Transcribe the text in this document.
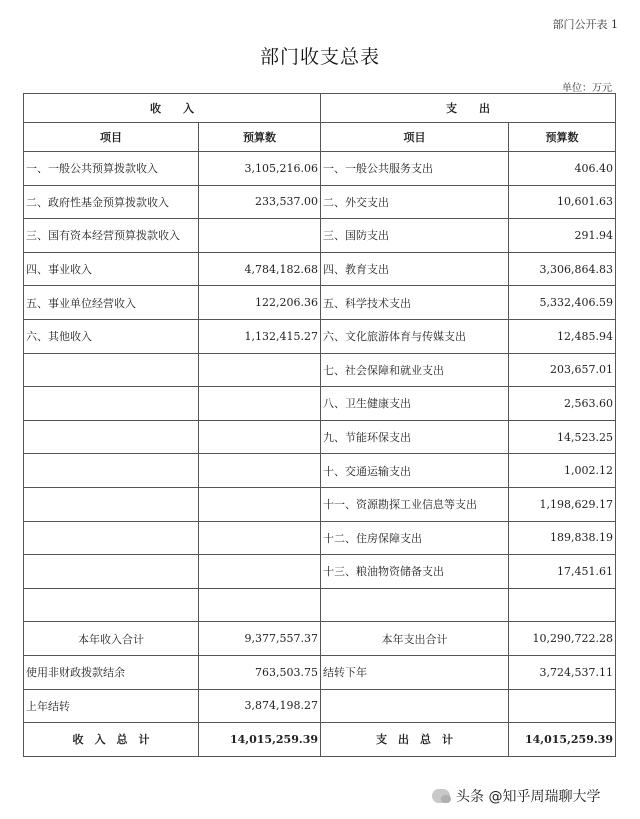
部门公开表 1
部门收支总表
单位：万元
收　　入		支　　出	
项目	预算数	项目	预算数
一、一般公共预算拨款收入	3,105,216.06	一、一般公共服务支出	406.40
二、政府性基金预算拨款收入	233,537.00	二、外交支出	10,601.63
三、国有资本经营预算拨款收入		三、国防支出	291.94
四、事业收入	4,784,182.68	四、教育支出	3,306,864.83
五、事业单位经营收入	122,206.36	五、科学技术支出	5,332,406.59
六、其他收入	1,132,415.27	六、文化旅游体育与传媒支出	12,485.94
		七、社会保障和就业支出	203,657.01
		八、卫生健康支出	2,563.60
		九、节能环保支出	14,523.25
		十、交通运输支出	1,002.12
		十一、资源勘探工业信息等支出	1,198,629.17
		十二、住房保障支出	189,838.19
		十三、粮油物资储备支出	17,451.61

本年收入合计	9,377,557.37	本年支出合计	10,290,722.28
使用非财政拨款结余	763,503.75	结转下年	3,724,537.11
上年结转	3,874,198.27		
收　入　总　计	14,015,259.39	支　出　总　计	14,015,259.39
头条 @知乎周瑞聊大学
